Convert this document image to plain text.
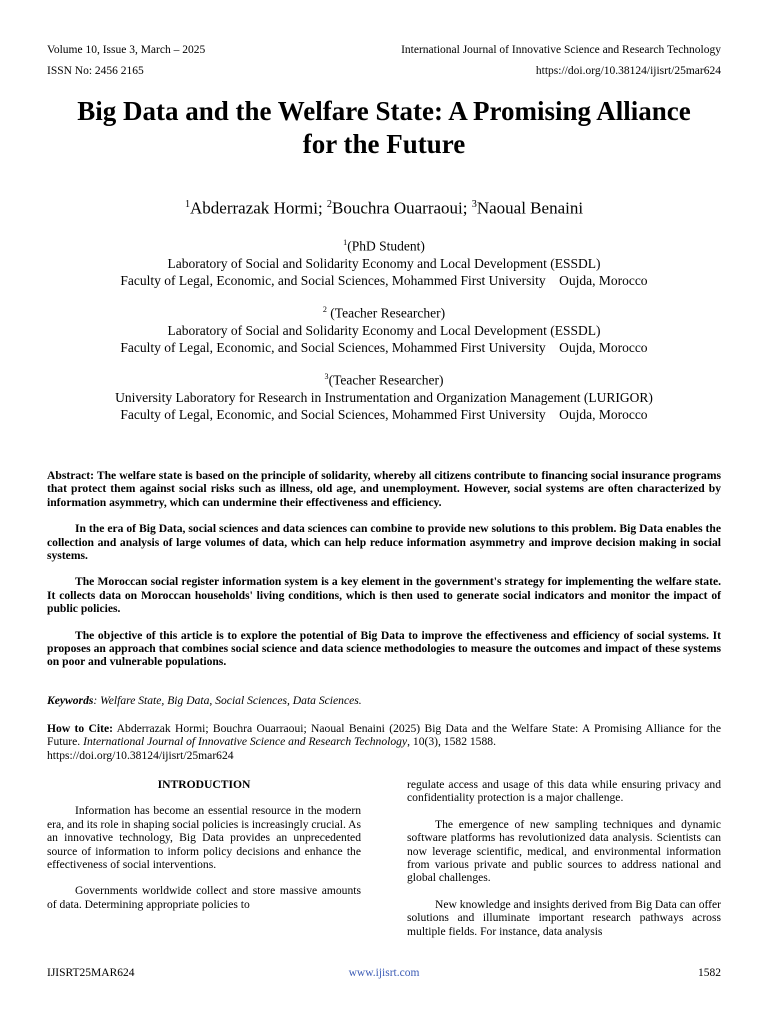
Volume 10, Issue 3, March – 2025	International Journal of Innovative Science and Research Technology
ISSN No: 2456 2165	https://doi.org/10.38124/ijisrt/25mar624
Big Data and the Welfare State: A Promising Alliance for the Future
$^1$Abderrazak Hormi; $^2$Bouchra Ouarraoui; $^3$Naoual Benaini
$^1$(PhD Student)
Laboratory of Social and Solidarity Economy and Local Development (ESSDL)
Faculty of Legal, Economic, and Social Sciences, Mohammed First University    Oujda, Morocco
$^2$ (Teacher Researcher)
Laboratory of Social and Solidarity Economy and Local Development (ESSDL)
Faculty of Legal, Economic, and Social Sciences, Mohammed First University    Oujda, Morocco
$^3$(Teacher Researcher)
University Laboratory for Research in Instrumentation and Organization Management (LURIGOR)
Faculty of Legal, Economic, and Social Sciences, Mohammed First University    Oujda, Morocco

Abstract: The welfare state is based on the principle of solidarity, whereby all citizens contribute to financing social insurance programs that protect them against social risks such as illness, old age, and unemployment. However, social systems are often characterized by information asymmetry, which can undermine their effectiveness and efficiency.

In the era of Big Data, social sciences and data sciences can combine to provide new solutions to this problem. Big Data enables the collection and analysis of large volumes of data, which can help reduce information asymmetry and improve decision making in social systems.

The Moroccan social register information system is a key element in the government's strategy for implementing the welfare state. It collects data on Moroccan households' living conditions, which is then used to generate social indicators and monitor the impact of public policies.

The objective of this article is to explore the potential of Big Data to improve the effectiveness and efficiency of social systems. It proposes an approach that combines social science and data science methodologies to measure the outcomes and impact of these systems on poor and vulnerable populations.

Keywords: Welfare State, Big Data, Social Sciences, Data Sciences.
How to Cite: Abderrazak Hormi; Bouchra Ouarraoui; Naoual Benaini (2025) Big Data and the Welfare State: A Promising Alliance for the Future. International Journal of Innovative Science and Research Technology, 10(3), 1582 1588.
https://doi.org/10.38124/ijisrt/25mar624

INTRODUCTION

Information has become an essential resource in the modern era, and its role in shaping social policies is increasingly crucial. As an innovative technology, Big Data provides an unprecedented source of information to inform policy decisions and enhance the effectiveness of social interventions.

Governments worldwide collect and store massive amounts of data. Determining appropriate policies to

regulate access and usage of this data while ensuring privacy and confidentiality protection is a major challenge.

The emergence of new sampling techniques and dynamic software platforms has revolutionized data analysis. Scientists can now leverage scientific, medical, and environmental information from various private and public sources to address national and global challenges.

New knowledge and insights derived from Big Data can offer solutions and illuminate important research pathways across multiple fields. For instance, data analysis

IJISRT25MAR624	www.ijisrt.com	1582
